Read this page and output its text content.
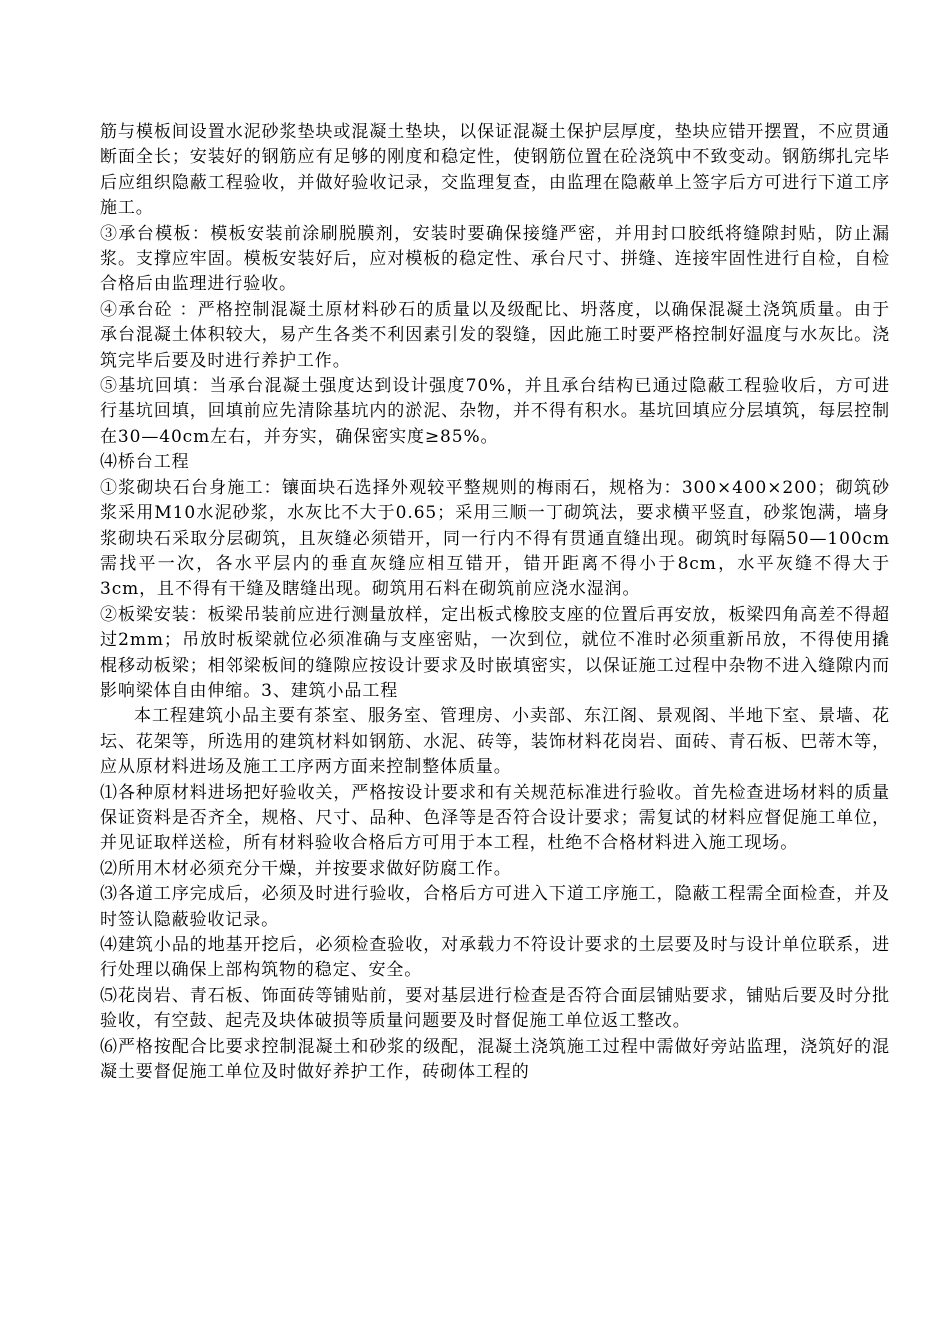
筋与模板间设置水泥砂浆垫块或混凝土垫块，以保证混凝土保护层厚度，垫块应错开摆置，不应贯通断面全长；安装好的钢筋应有足够的刚度和稳定性，使钢筋位置在砼浇筑中不致变动。钢筋绑扎完毕后应组织隐蔽工程验收，并做好验收记录，交监理复查，由监理在隐蔽单上签字后方可进行下道工序施工。

③承台模板：模板安装前涂刷脱膜剂，安装时要确保接缝严密，并用封口胶纸将缝隙封贴，防止漏浆。支撑应牢固。模板安装好后，应对模板的稳定性、承台尺寸、拼缝、连接牢固性进行自检，自检合格后由监理进行验收。

④承台砼 ：严格控制混凝土原材料砂石的质量以及级配比、坍落度，以确保混凝土浇筑质量。由于承台混凝土体积较大，易产生各类不利因素引发的裂缝，因此施工时要严格控制好温度与水灰比。浇筑完毕后要及时进行养护工作。

⑤基坑回填：当承台混凝土强度达到设计强度70%，并且承台结构已通过隐蔽工程验收后，方可进行基坑回填，回填前应先清除基坑内的淤泥、杂物，并不得有积水。基坑回填应分层填筑，每层控制在30—40cm左右，并夯实，确保密实度≥85%。

⑷桥台工程

①浆砌块石台身施工：镶面块石选择外观较平整规则的梅雨石，规格为：300×400×200；砌筑砂浆采用M10水泥砂浆，水灰比不大于0.65；采用三顺一丁砌筑法，要求横平竖直，砂浆饱满，墙身浆砌块石采取分层砌筑，且灰缝必须错开，同一行内不得有贯通直缝出现。砌筑时每隔50—100cm需找平一次，各水平层内的垂直灰缝应相互错开，错开距离不得小于8cm，水平灰缝不得大于3cm，且不得有干缝及瞎缝出现。砌筑用石料在砌筑前应浇水湿润。

②板梁安装：板梁吊装前应进行测量放样，定出板式橡胶支座的位置后再安放，板梁四角高差不得超过2mm；吊放时板梁就位必须准确与支座密贴，一次到位，就位不准时必须重新吊放，不得使用撬棍移动板梁；相邻梁板间的缝隙应按设计要求及时嵌填密实，以保证施工过程中杂物不进入缝隙内而影响梁体自由伸缩。3、建筑小品工程

本工程建筑小品主要有茶室、服务室、管理房、小卖部、东江阁、景观阁、半地下室、景墙、花坛、花架等，所选用的建筑材料如钢筋、水泥、砖等，装饰材料花岗岩、面砖、青石板、巴蒂木等，应从原材料进场及施工工序两方面来控制整体质量。

⑴各种原材料进场把好验收关，严格按设计要求和有关规范标准进行验收。首先检查进场材料的质量保证资料是否齐全，规格、尺寸、品种、色泽等是否符合设计要求；需复试的材料应督促施工单位，并见证取样送检，所有材料验收合格后方可用于本工程，杜绝不合格材料进入施工现场。

⑵所用木材必须充分干燥，并按要求做好防腐工作。

⑶各道工序完成后，必须及时进行验收，合格后方可进入下道工序施工，隐蔽工程需全面检查，并及时签认隐蔽验收记录。

⑷建筑小品的地基开挖后，必须检查验收，对承载力不符设计要求的土层要及时与设计单位联系，进行处理以确保上部构筑物的稳定、安全。

⑸花岗岩、青石板、饰面砖等铺贴前，要对基层进行检查是否符合面层铺贴要求，铺贴后要及时分批验收，有空鼓、起壳及块体破损等质量问题要及时督促施工单位返工整改。

⑹严格按配合比要求控制混凝土和砂浆的级配，混凝土浇筑施工过程中需做好旁站监理，浇筑好的混凝土要督促施工单位及时做好养护工作，砖砌体工程的
